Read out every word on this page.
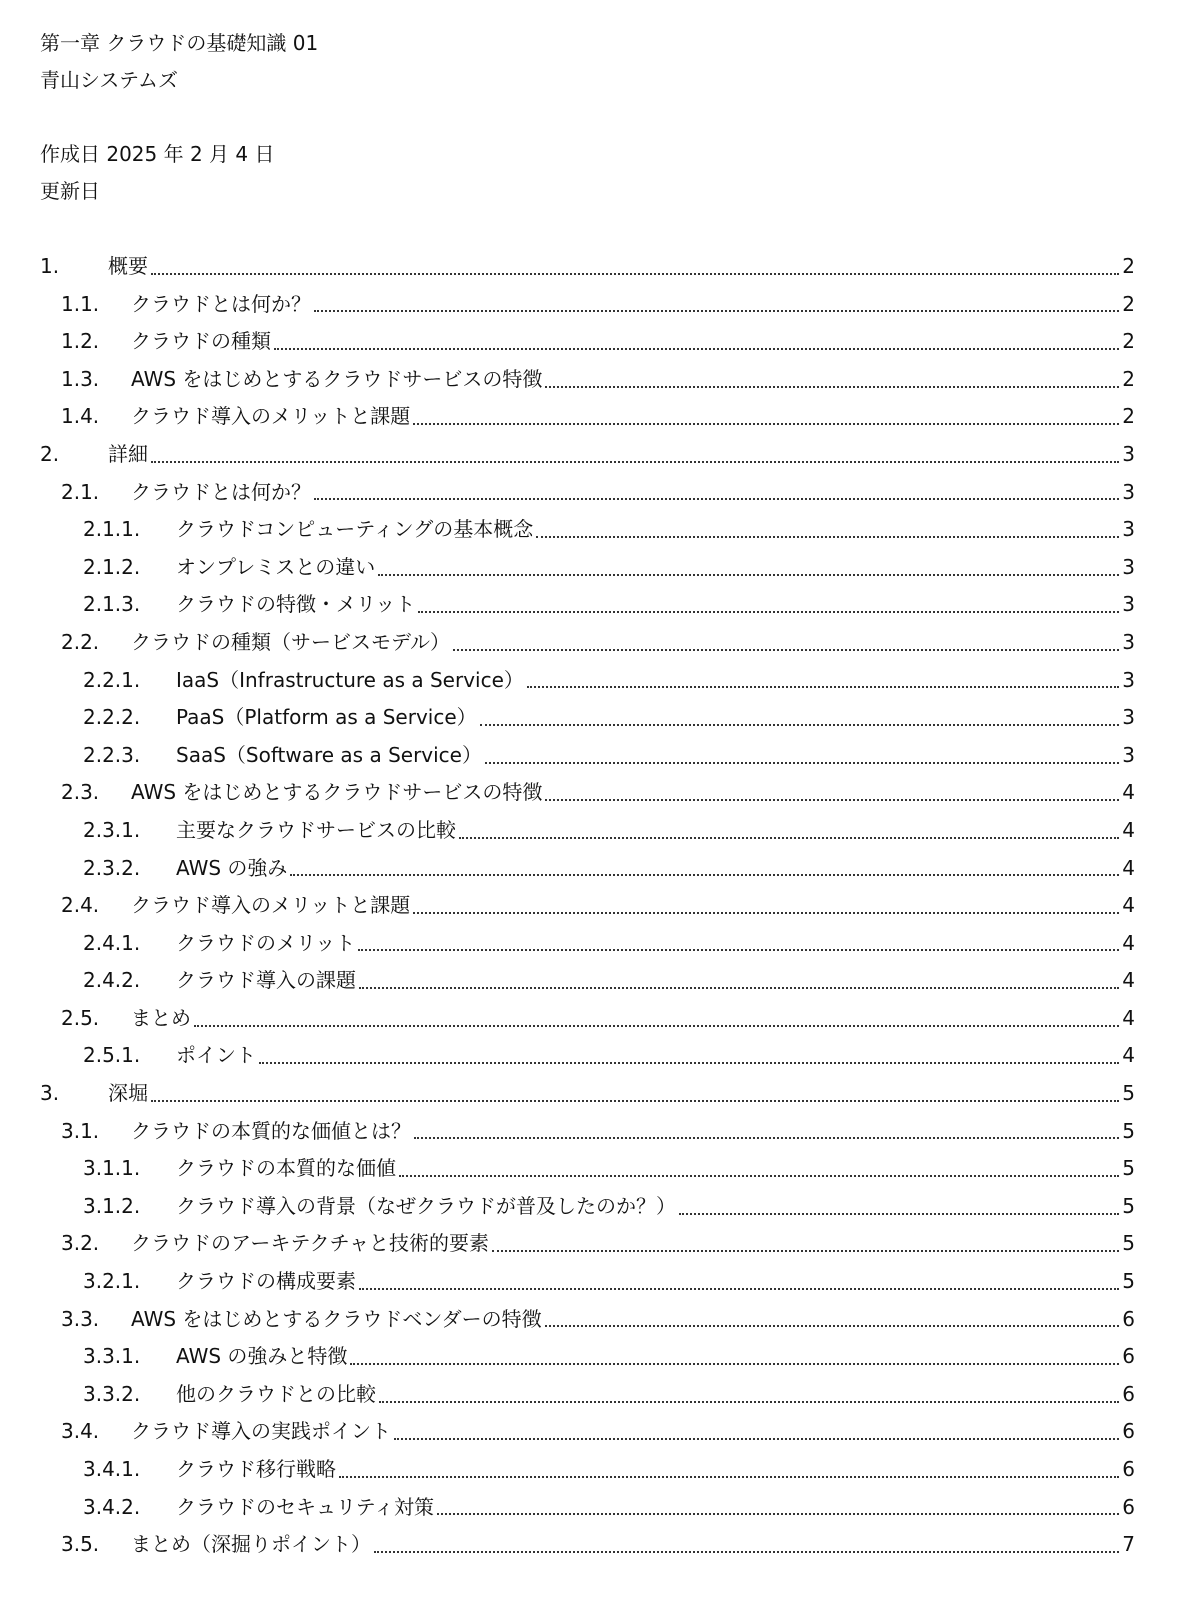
第一章 クラウドの基礎知識 01
青山システムズ
作成日 2025 年 2 月 4 日
更新日
1.	概要	2
1.1.	クラウドとは何か？	2
1.2.	クラウドの種類	2
1.3.	AWS をはじめとするクラウドサービスの特徴	2
1.4.	クラウド導入のメリットと課題	2
2.	詳細	3
2.1.	クラウドとは何か？	3
2.1.1.	クラウドコンピューティングの基本概念	3
2.1.2.	オンプレミスとの違い	3
2.1.3.	クラウドの特徴・メリット	3
2.2.	クラウドの種類（サービスモデル）	3
2.2.1.	IaaS（Infrastructure as a Service）	3
2.2.2.	PaaS（Platform as a Service）	3
2.2.3.	SaaS（Software as a Service）	3
2.3.	AWS をはじめとするクラウドサービスの特徴	4
2.3.1.	主要なクラウドサービスの比較	4
2.3.2.	AWS の強み	4
2.4.	クラウド導入のメリットと課題	4
2.4.1.	クラウドのメリット	4
2.4.2.	クラウド導入の課題	4
2.5.	まとめ	4
2.5.1.	ポイント	4
3.	深堀	5
3.1.	クラウドの本質的な価値とは？	5
3.1.1.	クラウドの本質的な価値	5
3.1.2.	クラウド導入の背景（なぜクラウドが普及したのか？）	5
3.2.	クラウドのアーキテクチャと技術的要素	5
3.2.1.	クラウドの構成要素	5
3.3.	AWS をはじめとするクラウドベンダーの特徴	6
3.3.1.	AWS の強みと特徴	6
3.3.2.	他のクラウドとの比較	6
3.4.	クラウド導入の実践ポイント	6
3.4.1.	クラウド移行戦略	6
3.4.2.	クラウドのセキュリティ対策	6
3.5.	まとめ（深掘りポイント）	7
